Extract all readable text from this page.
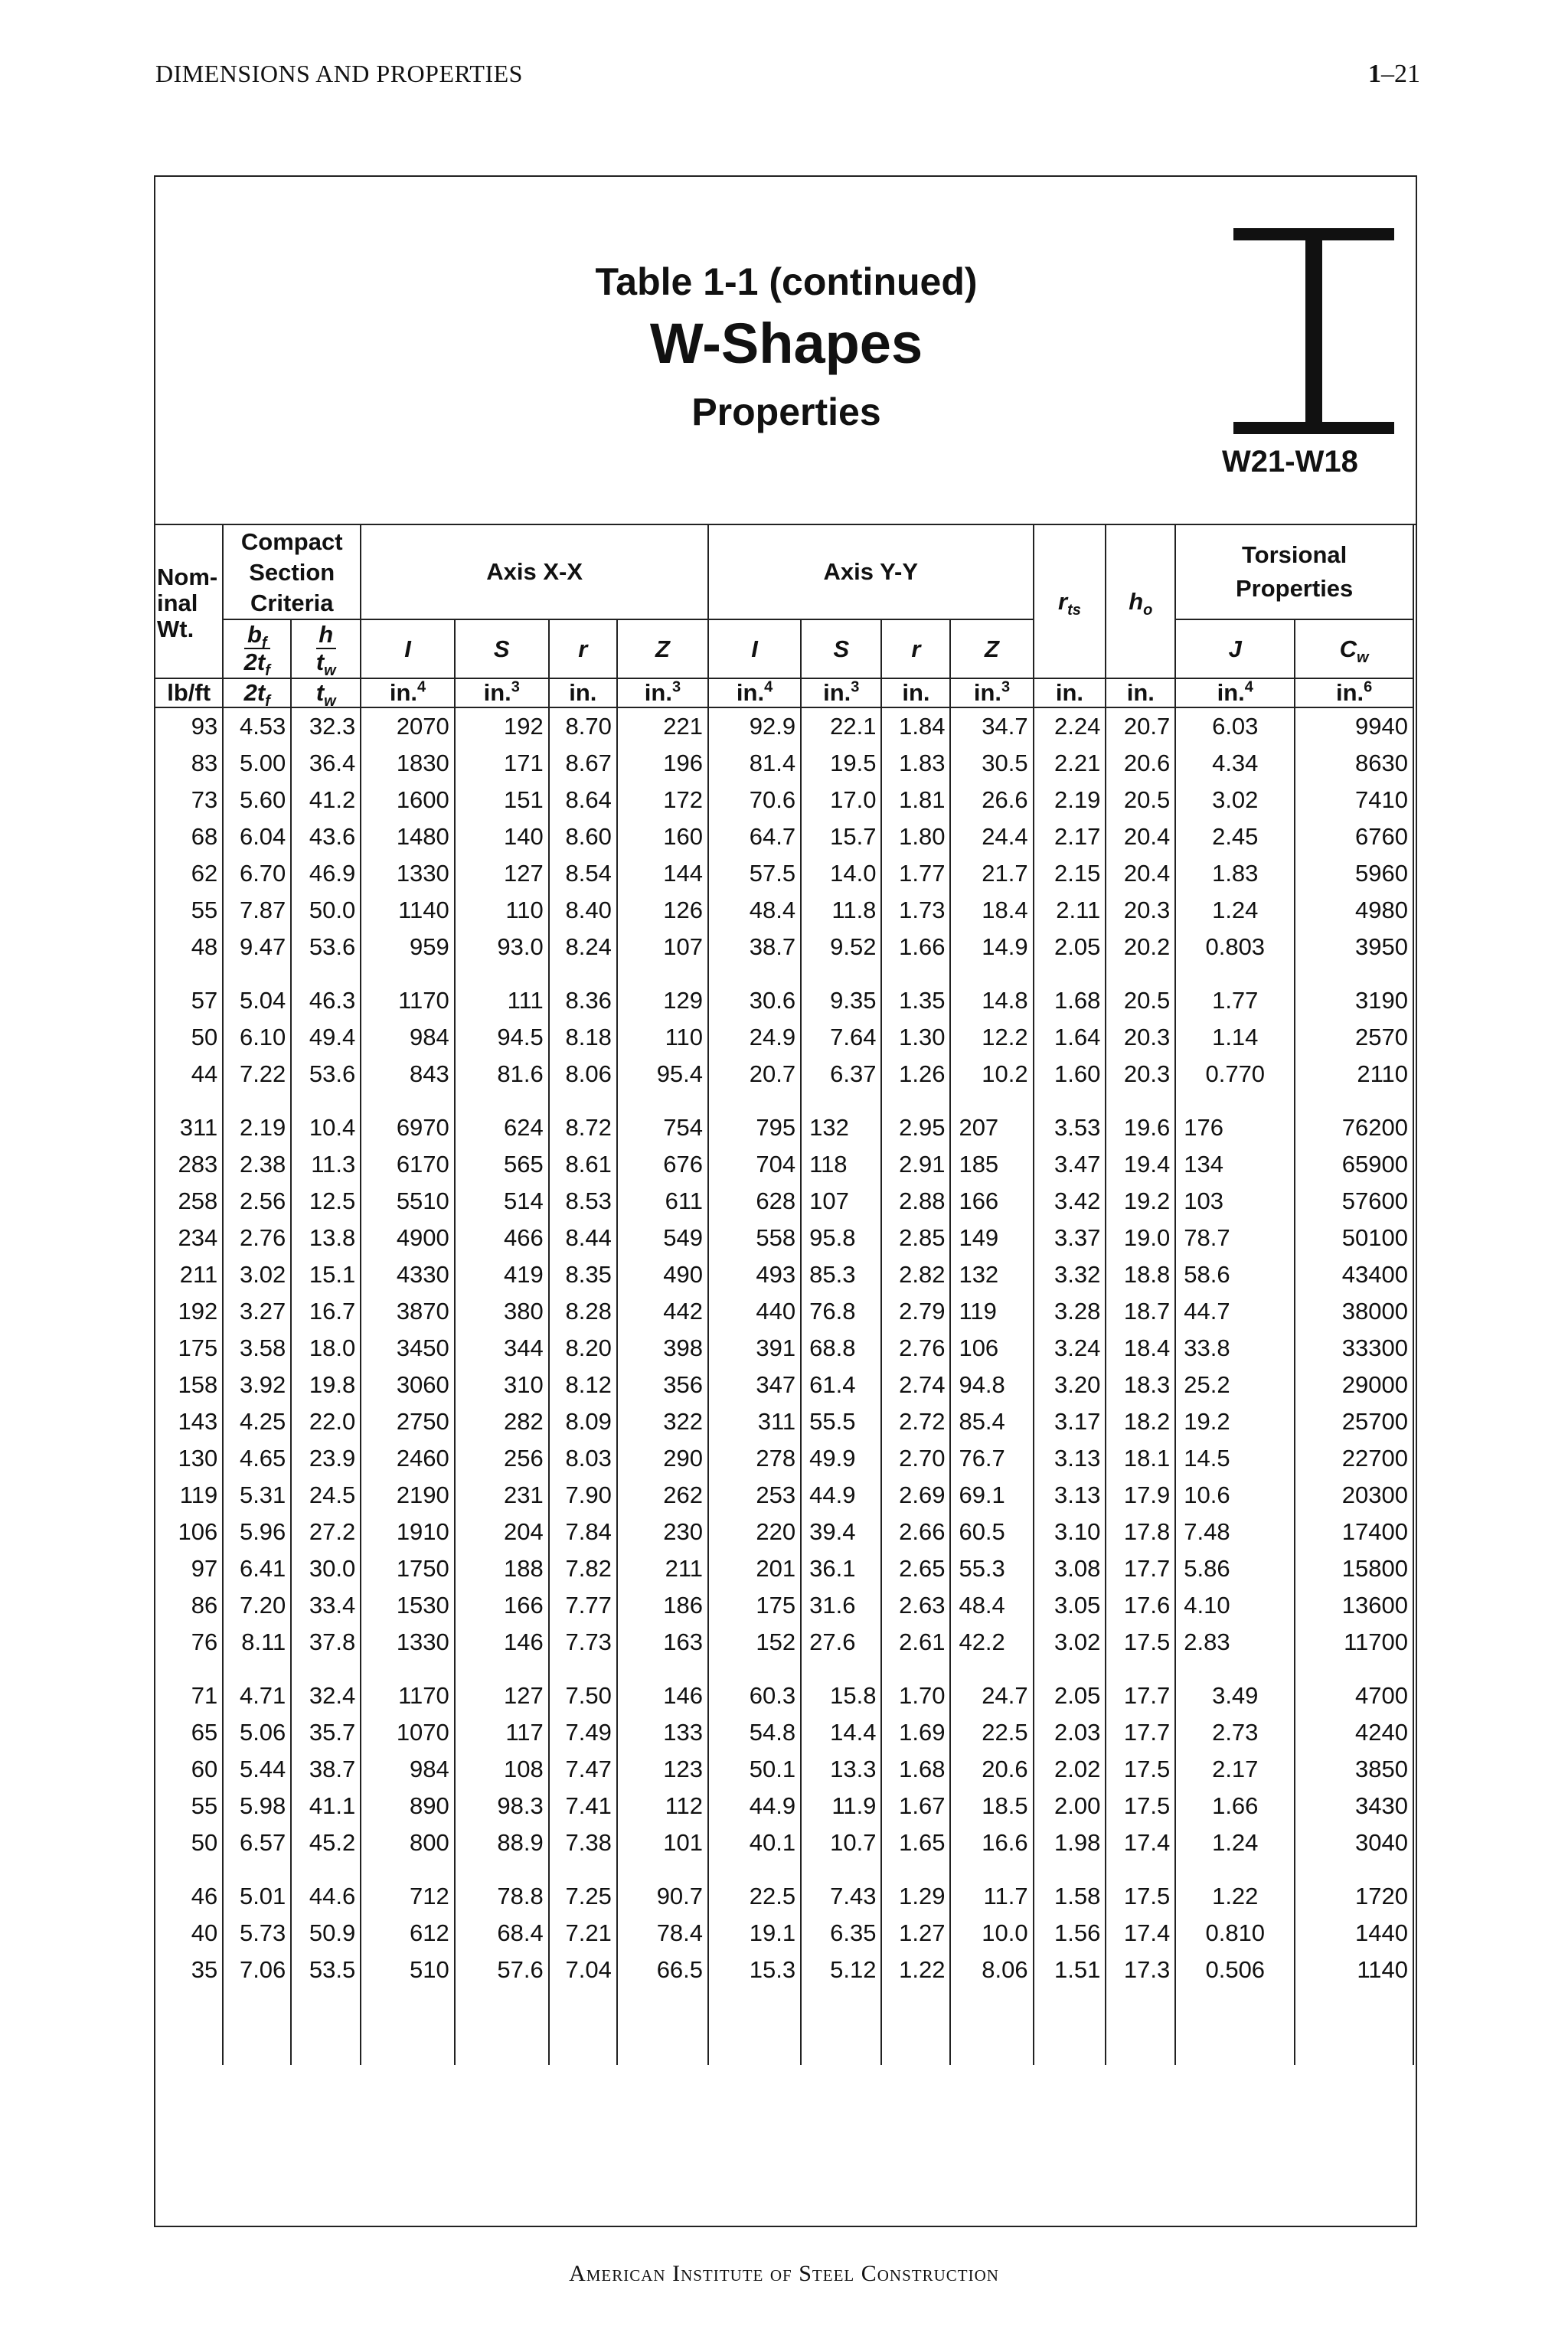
DIMENSIONS AND PROPERTIES	1–21
Table 1-1 (continued)
W-Shapes
Properties
W21-W18
Nom-
inal
Wt.	Compact
Section
Criteria		Axis X-X				Axis Y-Y				$r_{ts}$	$h_o$	Torsional
Properties	

	$\frac{b_f}{2t_f}$	$\frac{h}{t_w}$	I	S	r	Z	I	S	r	Z			J	$C_w$
lb/ft	$2t_f$	$t_w$	in.$^4$	in.$^3$	in.	in.$^3$	in.$^4$	in.$^3$	in.	in.$^3$	in.	in.	in.$^4$	in.$^6$
93	4.53	32.3	2070	192	8.70	221	92.9	22.1	1.84	34.7	2.24	20.7	6.03	9940
83	5.00	36.4	1830	171	8.67	196	81.4	19.5	1.83	30.5	2.21	20.6	4.34	8630
73	5.60	41.2	1600	151	8.64	172	70.6	17.0	1.81	26.6	2.19	20.5	3.02	7410
68	6.04	43.6	1480	140	8.60	160	64.7	15.7	1.80	24.4	2.17	20.4	2.45	6760
62	6.70	46.9	1330	127	8.54	144	57.5	14.0	1.77	21.7	2.15	20.4	1.83	5960
55	7.87	50.0	1140	110	8.40	126	48.4	11.8	1.73	18.4	2.11	20.3	1.24	4980
48	9.47	53.6	959	93.0	8.24	107	38.7	9.52	1.66	14.9	2.05	20.2	0.803	3950

57	5.04	46.3	1170	111	8.36	129	30.6	9.35	1.35	14.8	1.68	20.5	1.77	3190
50	6.10	49.4	984	94.5	8.18	110	24.9	7.64	1.30	12.2	1.64	20.3	1.14	2570
44	7.22	53.6	843	81.6	8.06	95.4	20.7	6.37	1.26	10.2	1.60	20.3	0.770	2110

311	2.19	10.4	6970	624	8.72	754	795	132	2.95	207	3.53	19.6	176	76200
283	2.38	11.3	6170	565	8.61	676	704	118	2.91	185	3.47	19.4	134	65900
258	2.56	12.5	5510	514	8.53	611	628	107	2.88	166	3.42	19.2	103	57600
234	2.76	13.8	4900	466	8.44	549	558	95.8	2.85	149	3.37	19.0	78.7	50100
211	3.02	15.1	4330	419	8.35	490	493	85.3	2.82	132	3.32	18.8	58.6	43400
192	3.27	16.7	3870	380	8.28	442	440	76.8	2.79	119	3.28	18.7	44.7	38000
175	3.58	18.0	3450	344	8.20	398	391	68.8	2.76	106	3.24	18.4	33.8	33300
158	3.92	19.8	3060	310	8.12	356	347	61.4	2.74	94.8	3.20	18.3	25.2	29000
143	4.25	22.0	2750	282	8.09	322	311	55.5	2.72	85.4	3.17	18.2	19.2	25700
130	4.65	23.9	2460	256	8.03	290	278	49.9	2.70	76.7	3.13	18.1	14.5	22700
119	5.31	24.5	2190	231	7.90	262	253	44.9	2.69	69.1	3.13	17.9	10.6	20300
106	5.96	27.2	1910	204	7.84	230	220	39.4	2.66	60.5	3.10	17.8	7.48	17400
97	6.41	30.0	1750	188	7.82	211	201	36.1	2.65	55.3	3.08	17.7	5.86	15800
86	7.20	33.4	1530	166	7.77	186	175	31.6	2.63	48.4	3.05	17.6	4.10	13600
76	8.11	37.8	1330	146	7.73	163	152	27.6	2.61	42.2	3.02	17.5	2.83	11700

71	4.71	32.4	1170	127	7.50	146	60.3	15.8	1.70	24.7	2.05	17.7	3.49	4700
65	5.06	35.7	1070	117	7.49	133	54.8	14.4	1.69	22.5	2.03	17.7	2.73	4240
60	5.44	38.7	984	108	7.47	123	50.1	13.3	1.68	20.6	2.02	17.5	2.17	3850
55	5.98	41.1	890	98.3	7.41	112	44.9	11.9	1.67	18.5	2.00	17.5	1.66	3430
50	6.57	45.2	800	88.9	7.38	101	40.1	10.7	1.65	16.6	1.98	17.4	1.24	3040

46	5.01	44.6	712	78.8	7.25	90.7	22.5	7.43	1.29	11.7	1.58	17.5	1.22	1720
40	5.73	50.9	612	68.4	7.21	78.4	19.1	6.35	1.27	10.0	1.56	17.4	0.810	1440
35	7.06	53.5	510	57.6	7.04	66.5	15.3	5.12	1.22	8.06	1.51	17.3	0.506	1140

American Institute of Steel Construction
